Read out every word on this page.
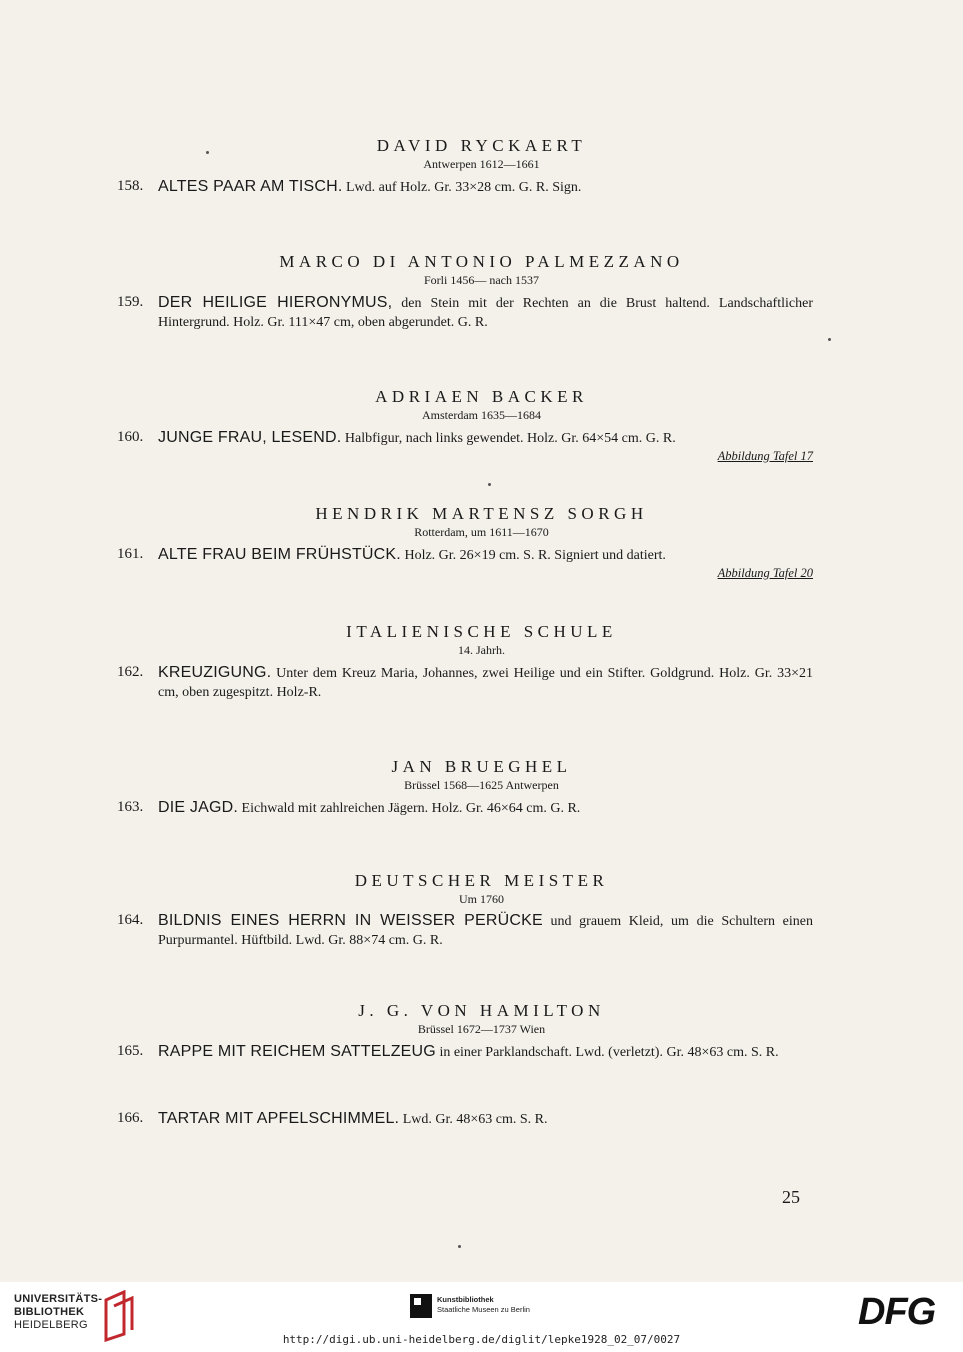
DAVID RYCKAERT
Antwerpen 1612—1661
158. ALTES PAAR AM TISCH. Lwd. auf Holz. Gr. 33×28 cm. G. R. Sign.
MARCO DI ANTONIO PALMEZZANO
Forli 1456— nach 1537
159. DER HEILIGE HIERONYMUS, den Stein mit der Rechten an die Brust haltend. Landschaftlicher Hintergrund. Holz. Gr. 111×47 cm, oben abgerundet. G. R.
ADRIAEN BACKER
Amsterdam 1635—1684
160. JUNGE FRAU, LESEND. Halbfigur, nach links gewendet. Holz. Gr. 64×54 cm. G. R.
Abbildung Tafel 17
HENDRIK MARTENSZ SORGH
Rotterdam, um 1611—1670
161. ALTE FRAU BEIM FRÜHSTÜCK. Holz. Gr. 26×19 cm. S. R. Signiert und datiert.
Abbildung Tafel 20
ITALIENISCHE SCHULE
14. Jahrh.
162. KREUZIGUNG. Unter dem Kreuz Maria, Johannes, zwei Heilige und ein Stifter. Goldgrund. Holz. Gr. 33×21 cm, oben zugespitzt. Holz-R.
JAN BRUEGHEL
Brüssel 1568—1625 Antwerpen
163. DIE JAGD. Eichwald mit zahlreichen Jägern. Holz. Gr. 46×64 cm. G. R.
DEUTSCHER MEISTER
Um 1760
164. BILDNIS EINES HERRN IN WEISSER PERÜCKE und grauem Kleid, um die Schultern einen Purpurmantel. Hüftbild. Lwd. Gr. 88×74 cm. G. R.
J. G. VON HAMILTON
Brüssel 1672—1737 Wien
165. RAPPE MIT REICHEM SATTELZEUG in einer Parklandschaft. Lwd. (verletzt). Gr. 48×63 cm. S. R.
166. TARTAR MIT APFELSCHIMMEL. Lwd. Gr. 48×63 cm. S. R.
25
UNIVERSITÄTS-
BIBLIOTHEK
HEIDELBERG
Kunstbibliothek
Staatliche Museen zu Berlin	DFG
http://digi.ub.uni-heidelberg.de/diglit/lepke1928_02_07/0027
